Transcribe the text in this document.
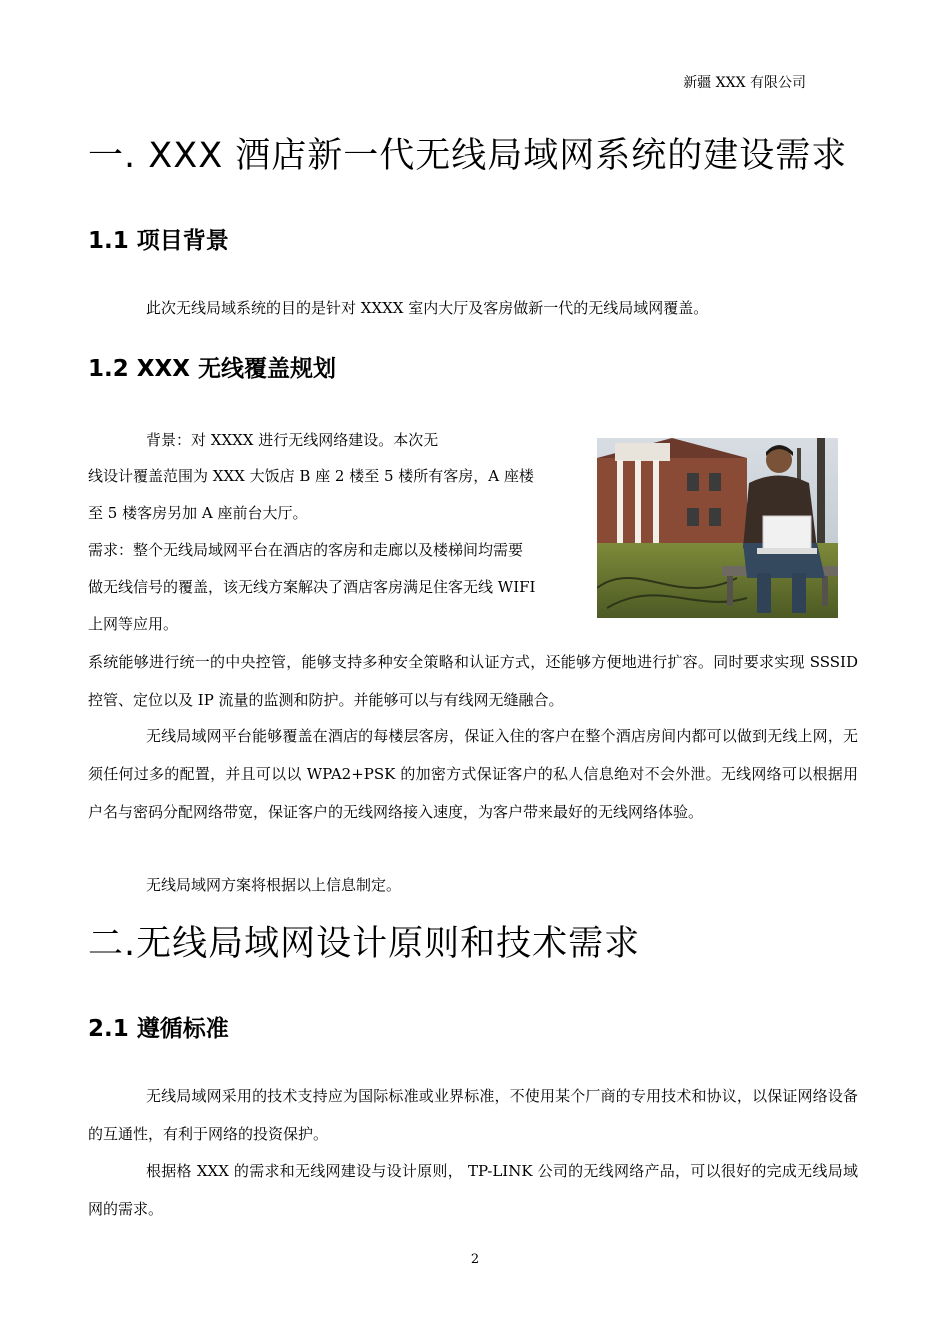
新疆 XXX 有限公司
一. XXX 酒店新一代无线局域网系统的建设需求
1.1 项目背景
此次无线局域系统的目的是针对 XXXX 室内大厅及客房做新一代的无线局域网覆盖。
1.2 XXX 无线覆盖规划
背景：对 XXXX 进行无线网络建设。本次无
线设计覆盖范围为 XXX 大饭店 B 座 2 楼至 5 楼所有客房，A 座楼
至 5 楼客房另加 A 座前台大厅。
需求：整个无线局域网平台在酒店的客房和走廊以及楼梯间均需要
做无线信号的覆盖，该无线方案解决了酒店客房满足住客无线 WIFI
上网等应用。
系统能够进行统一的中央控管，能够支持多种安全策略和认证方式，还能够方便地进行扩容。同时要求实现 SSSID 控管、定位以及 IP 流量的监测和防护。并能够可以与有线网无缝融合。
无线局域网平台能够覆盖在酒店的每楼层客房，保证入住的客户在整个酒店房间内都可以做到无线上网，无须任何过多的配置，并且可以以 WPA2+PSK 的加密方式保证客户的私人信息绝对不会外泄。无线网络可以根据用户名与密码分配网络带宽，保证客户的无线网络接入速度，为客户带来最好的无线网络体验。
无线局域网方案将根据以上信息制定。
二.无线局域网设计原则和技术需求
2.1 遵循标准
无线局域网采用的技术支持应为国际标准或业界标准，不使用某个厂商的专用技术和协议，以保证网络设备的互通性，有利于网络的投资保护。
根据格 XXX 的需求和无线网建设与设计原则， TP-LINK 公司的无线网络产品，可以很好的完成无线局域网的需求。
2
